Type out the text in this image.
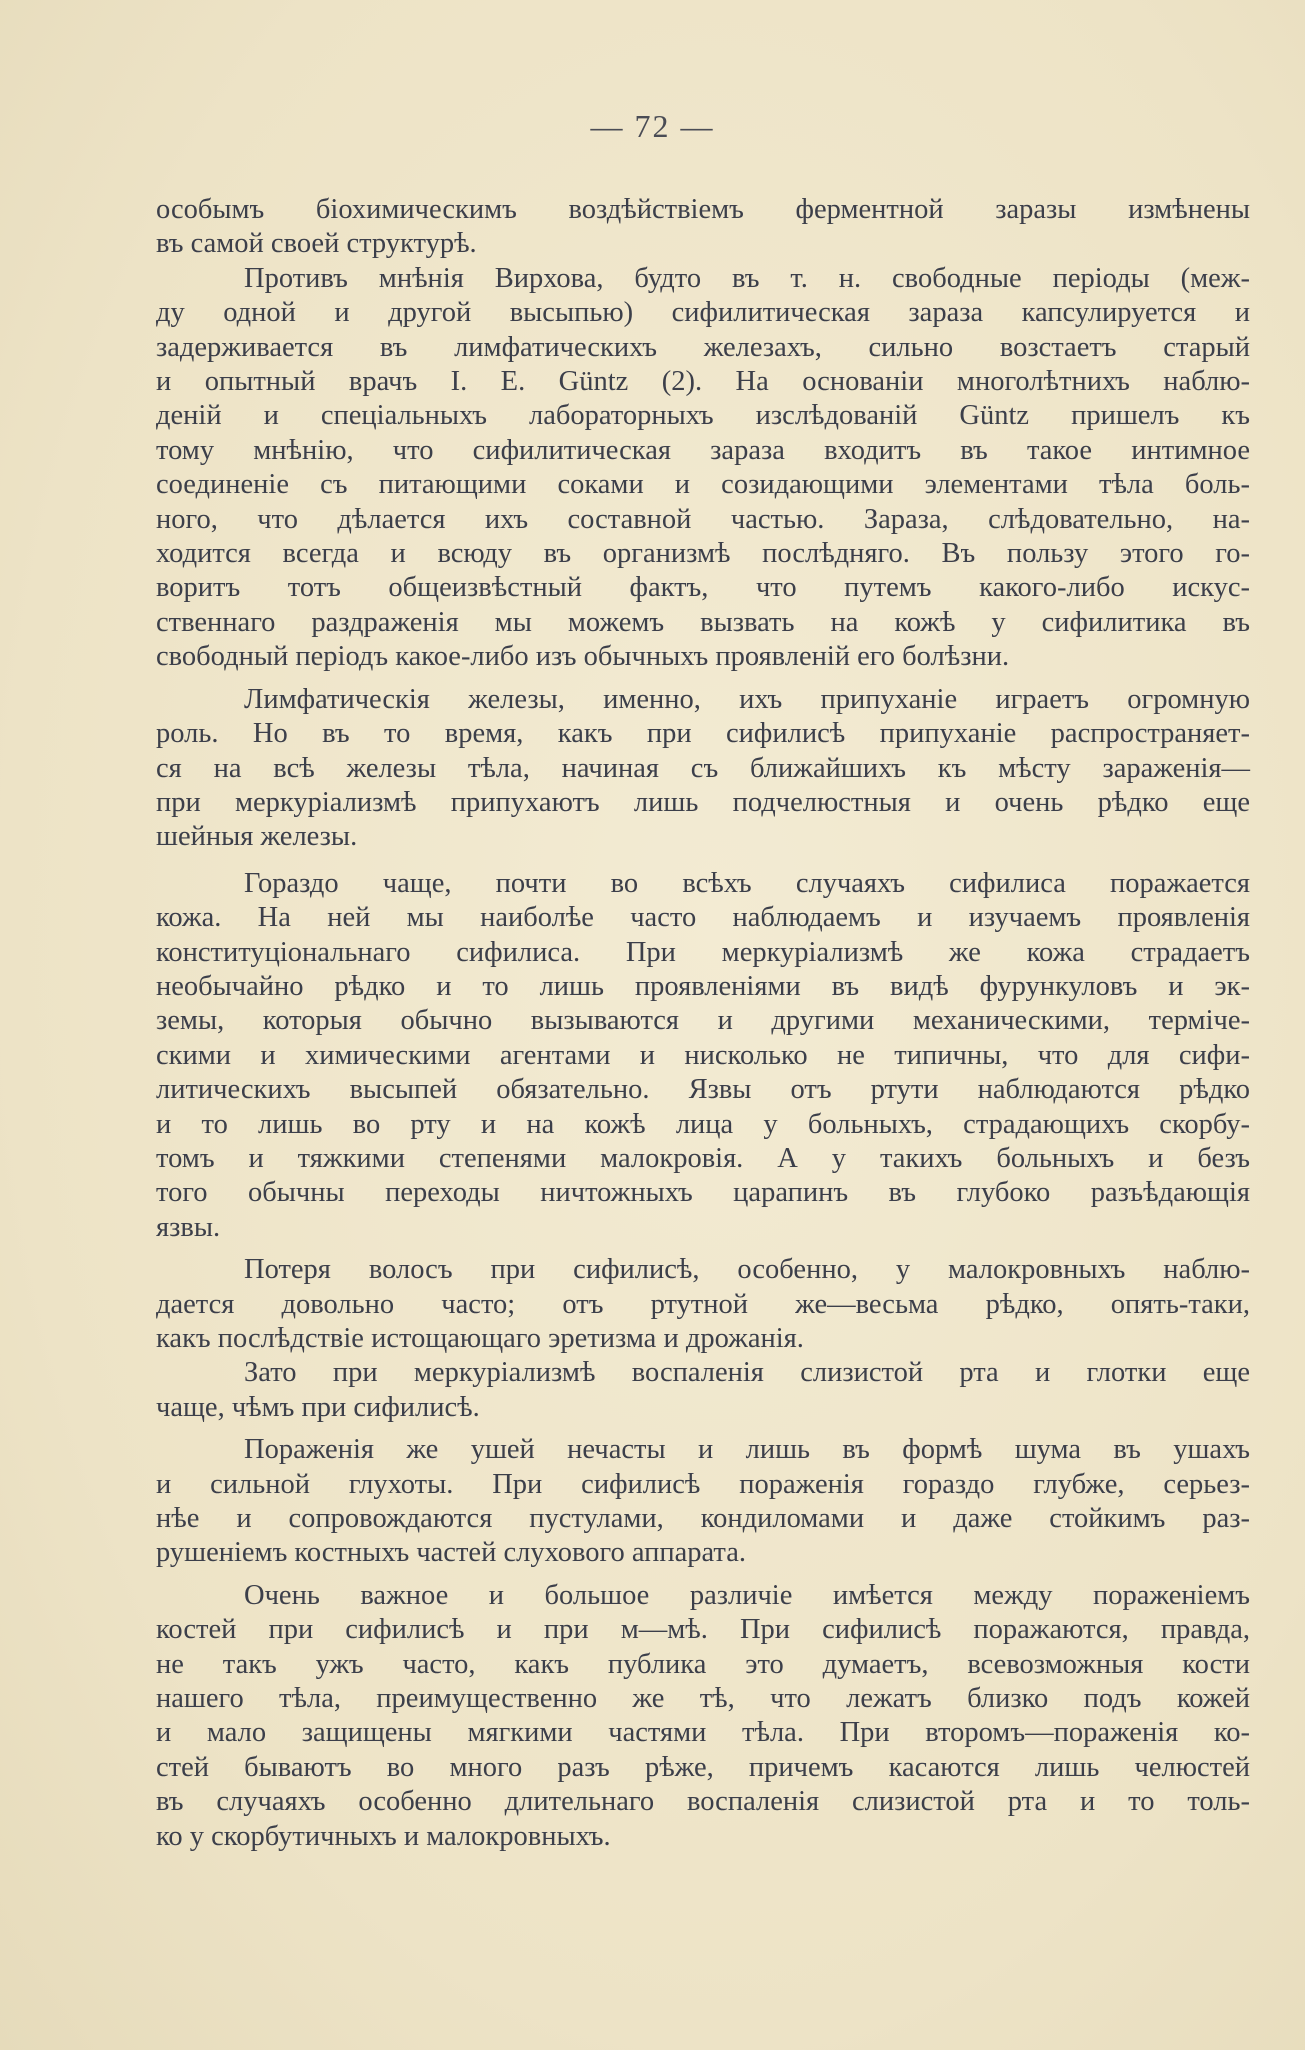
— 72 —

особымъ біохимическимъ воздѣйствіемъ ферментной заразы измѣнены
въ самой своей структурѣ.

Противъ мнѣнія Вирхова, будто въ т. н. свободные періоды (меж-
ду одной и другой высыпью) сифилитическая зараза капсулируется и
задерживается въ лимфатическихъ железахъ, сильно возстаетъ старый
и опытный врачъ I. E. Güntz (2). На основаніи многолѣтнихъ наблю-
деній и спеціальныхъ лабораторныхъ изслѣдованій Güntz пришелъ къ
тому мнѣнію, что сифилитическая зараза входитъ въ такое интимное
соединеніе съ питающими соками и созидающими элементами тѣла боль-
ного, что дѣлается ихъ составной частью. Зараза, слѣдовательно, на-
ходится всегда и всюду въ организмѣ послѣдняго. Въ пользу этого го-
воритъ тотъ общеизвѣстный фактъ, что путемъ какого-либо искус-
ственнаго раздраженія мы можемъ вызвать на кожѣ у сифилитика въ
свободный періодъ какое-либо изъ обычныхъ проявленій его болѣзни.

Лимфатическія железы, именно, ихъ припуханіе играетъ огромную
роль. Но въ то время, какъ при сифилисѣ припуханіе распространяет-
ся на всѣ железы тѣла, начиная съ ближайшихъ къ мѣсту зараженія—
при меркуріализмѣ припухаютъ лишь подчелюстныя и очень рѣдко еще
шейныя железы.

Гораздо чаще, почти во всѣхъ случаяхъ сифилиса поражается
кожа. На ней мы наиболѣе часто наблюдаемъ и изучаемъ проявленія
конституціональнаго сифилиса. При меркуріализмѣ же кожа страдаетъ
необычайно рѣдко и то лишь проявленіями въ видѣ фурункуловъ и эк-
земы, которыя обычно вызываются и другими механическими, терміче-
скими и химическими агентами и нисколько не типичны, что для сифи-
литическихъ высыпей обязательно. Язвы отъ ртути наблюдаются рѣдко
и то лишь во рту и на кожѣ лица у больныхъ, страдающихъ скорбу-
томъ и тяжкими степенями малокровія. А у такихъ больныхъ и безъ
того обычны переходы ничтожныхъ царапинъ въ глубоко разъѣдающія
язвы.

Потеря волосъ при сифилисѣ, особенно, у малокровныхъ наблю-
дается довольно часто; отъ ртутной же—весьма рѣдко, опять-таки,
какъ послѣдствіе истощающаго эретизма и дрожанія.

Зато при меркуріализмѣ воспаленія слизистой рта и глотки еще
чаще, чѣмъ при сифилисѣ.

Пораженія же ушей нечасты и лишь въ формѣ шума въ ушахъ
и сильной глухоты. При сифилисѣ пораженія гораздо глубже, серьез-
нѣе и сопровождаются пустулами, кондиломами и даже стойкимъ раз-
рушеніемъ костныхъ частей слухового аппарата.

Очень важное и большое различіе имѣется между пораженіемъ
костей при сифилисѣ и при м—мѣ. При сифилисѣ поражаются, правда,
не такъ ужъ часто, какъ публика это думаетъ, всевозможныя кости
нашего тѣла, преимущественно же тѣ, что лежатъ близко подъ кожей
и мало защищены мягкими частями тѣла. При второмъ—пораженія ко-
стей бываютъ во много разъ рѣже, причемъ касаются лишь челюстей
въ случаяхъ особенно длительнаго воспаленія слизистой рта и то толь-
ко у скорбутичныхъ и малокровныхъ.
